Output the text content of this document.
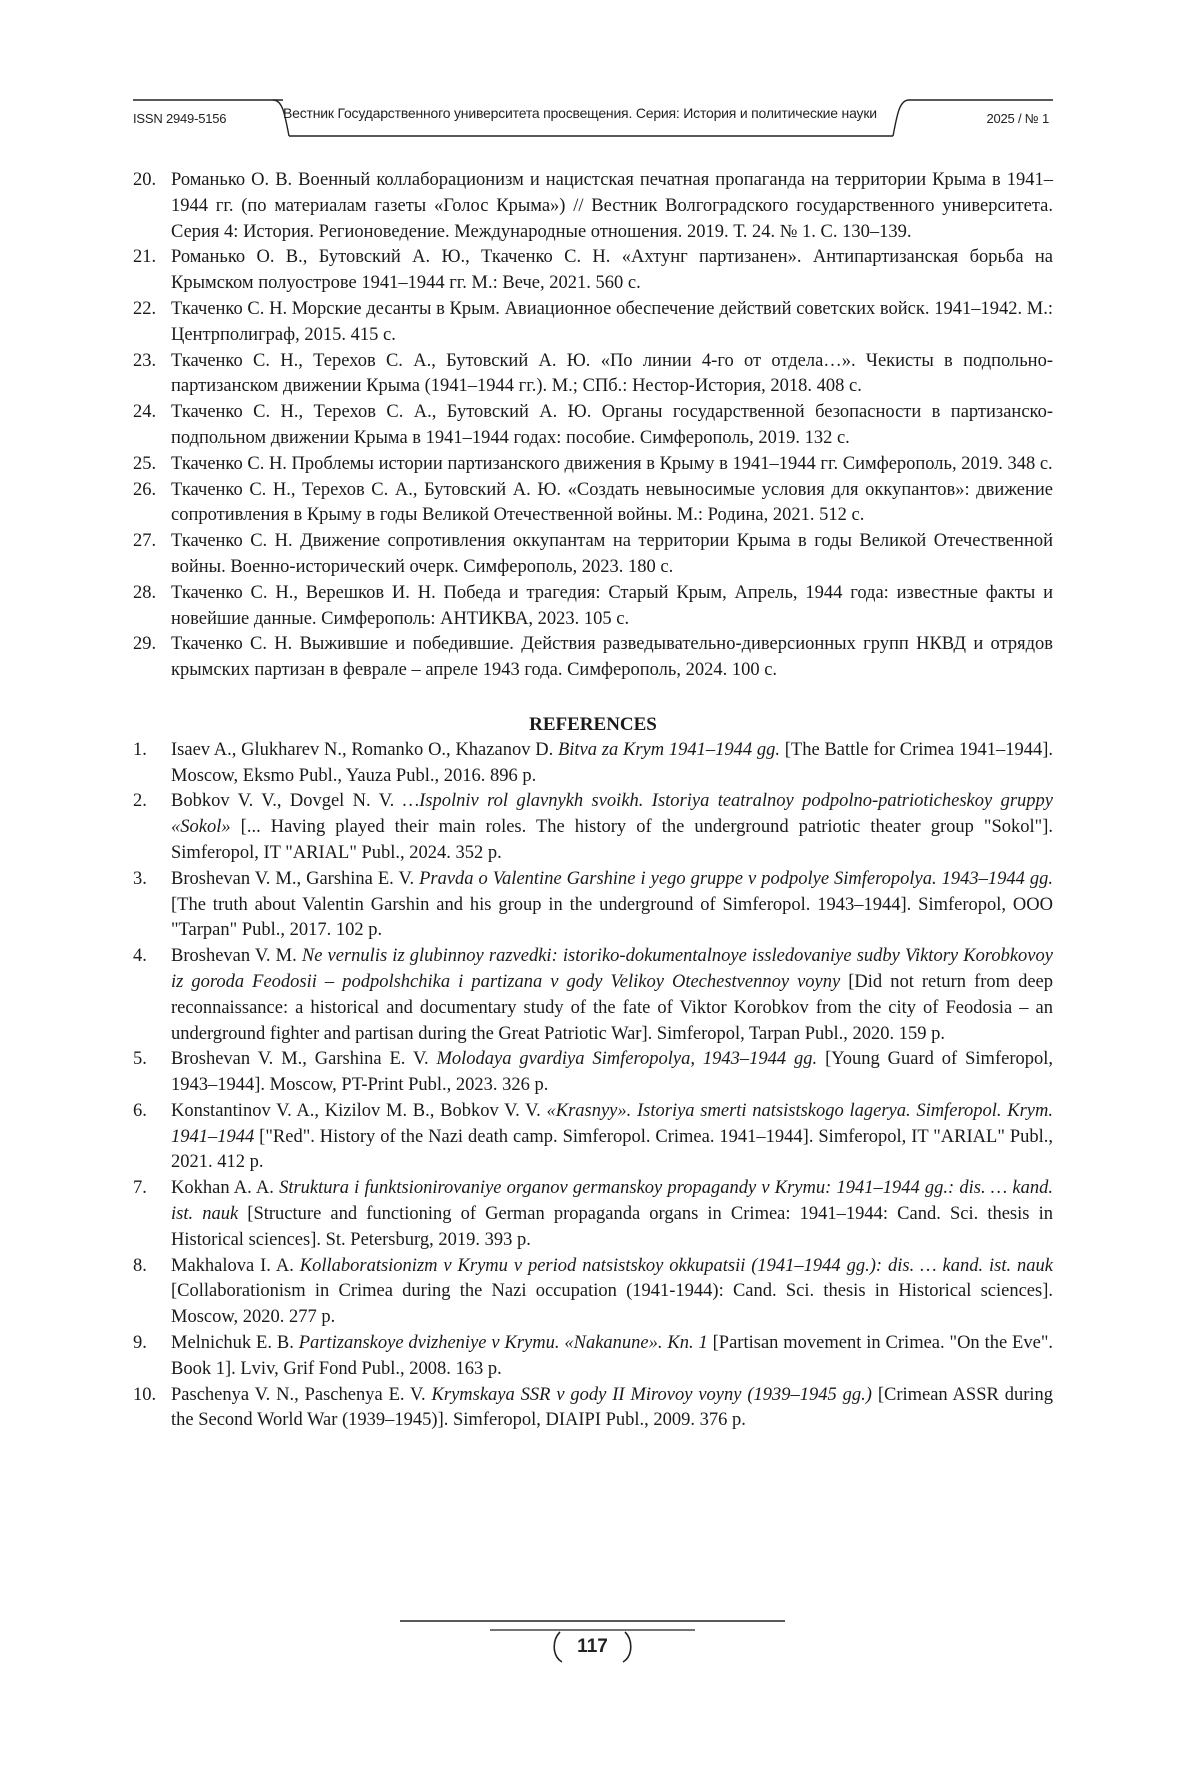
ISSN 2949-5156	Вестник Государственного университета просвещения. Серия: История и политические науки	2025 / № 1
20. Романько О. В. Военный коллаборационизм и нацистская печатная пропаганда на территории Крыма в 1941–1944 гг. (по материалам газеты «Голос Крыма») // Вестник Волгоградского государственного университета. Серия 4: История. Регионоведение. Международные отношения. 2019. Т. 24. № 1. С. 130–139.
21. Романько О. В., Бутовский А. Ю., Ткаченко С. Н. «Ахтунг партизанен». Антипартизанская борьба на Крымском полуострове 1941–1944 гг. М.: Вече, 2021. 560 с.
22. Ткаченко С. Н. Морские десанты в Крым. Авиационное обеспечение действий советских войск. 1941–1942. М.: Центрполиграф, 2015. 415 с.
23. Ткаченко С. Н., Терехов С. А., Бутовский А. Ю. «По линии 4-го от отдела…». Чекисты в подпольно-партизанском движении Крыма (1941–1944 гг.). М.; СПб.: Нестор-История, 2018. 408 с.
24. Ткаченко С. Н., Терехов С. А., Бутовский А. Ю. Органы государственной безопасности в партизанско-подпольном движении Крыма в 1941–1944 годах: пособие. Симферополь, 2019. 132 с.
25. Ткаченко С. Н. Проблемы истории партизанского движения в Крыму в 1941–1944 гг. Симферополь, 2019. 348 с.
26. Ткаченко С. Н., Терехов С. А., Бутовский А. Ю. «Создать невыносимые условия для оккупантов»: движение сопротивления в Крыму в годы Великой Отечественной войны. М.: Родина, 2021. 512 с.
27. Ткаченко С. Н. Движение сопротивления оккупантам на территории Крыма в годы Великой Отечественной войны. Военно-исторический очерк. Симферополь, 2023. 180 с.
28. Ткаченко С. Н., Верешков И. Н. Победа и трагедия: Старый Крым, Апрель, 1944 года: известные факты и новейшие данные. Симферополь: АНТИКВА, 2023. 105 с.
29. Ткаченко С. Н. Выжившие и победившие. Действия разведывательно-диверсионных групп НКВД и отрядов крымских партизан в феврале – апреле 1943 года. Симферополь, 2024. 100 с.
REFERENCES
1.	Isaev A., Glukharev N., Romanko O., Khazanov D. Bitva za Krym 1941–1944 gg. [The Battle for Crimea 1941–1944]. Moscow, Eksmo Publ., Yauza Publ., 2016. 896 p.
2.	Bobkov V. V., Dovgel N. V. …Ispolniv rol glavnykh svoikh. Istoriya teatralnoy podpolno-patrioticheskoy gruppy «Sokol» [... Having played their main roles. The history of the underground patriotic theater group "Sokol"]. Simferopol, IT "ARIAL" Publ., 2024. 352 p.
3.	Broshevan V. M., Garshina E. V. Pravda o Valentine Garshine i yego gruppe v podpolye Simferopolya. 1943–1944 gg. [The truth about Valentin Garshin and his group in the underground of Simferopol. 1943–1944]. Simferopol, OOO "Tarpan" Publ., 2017. 102 p.
4.	Broshevan V. M. Ne vernulis iz glubinnoy razvedki: istoriko-dokumentalnoye issledovaniye sudby Viktory Korobkovoy iz goroda Feodosii – podpolshchika i partizana v gody Velikoy Otechestvennoy voyny [Did not return from deep reconnaissance: a historical and documentary study of the fate of Viktor Korobkov from the city of Feodosia – an underground fighter and partisan during the Great Patriotic War]. Simferopol, Tarpan Publ., 2020. 159 p.
5.	Broshevan V. M., Garshina E. V. Molodaya gvardiya Simferopolya, 1943–1944 gg. [Young Guard of Simferopol, 1943–1944]. Moscow, PT-Print Publ., 2023. 326 p.
6.	Konstantinov V. A., Kizilov M. B., Bobkov V. V. «Krasnyy». Istoriya smerti natsistskogo lagerya. Simferopol. Krym. 1941–1944 ["Red". History of the Nazi death camp. Simferopol. Crimea. 1941–1944]. Simferopol, IT "ARIAL" Publ., 2021. 412 p.
7.	Kokhan A. A. Struktura i funktsionirovaniye organov germanskoy propagandy v Krymu: 1941–1944 gg.: dis. … kand. ist. nauk [Structure and functioning of German propaganda organs in Crimea: 1941–1944: Cand. Sci. thesis in Historical sciences]. St. Petersburg, 2019. 393 p.
8.	Makhalova I. A. Kollaboratsionizm v Krymu v period natsistskoy okkupatsii (1941–1944 gg.): dis. … kand. ist. nauk [Collaborationism in Crimea during the Nazi occupation (1941-1944): Cand. Sci. thesis in Historical sciences]. Moscow, 2020. 277 p.
9.	Melnichuk E. B. Partizanskoye dvizheniye v Krymu. «Nakanune». Kn. 1 [Partisan movement in Crimea. "On the Eve". Book 1]. Lviv, Grif Fond Publ., 2008. 163 p.
10. Paschenya V. N., Paschenya E. V. Krymskaya SSR v gody II Mirovoy voyny (1939–1945 gg.) [Crimean ASSR during the Second World War (1939–1945)]. Simferopol, DIAIPI Publ., 2009. 376 p.
117
